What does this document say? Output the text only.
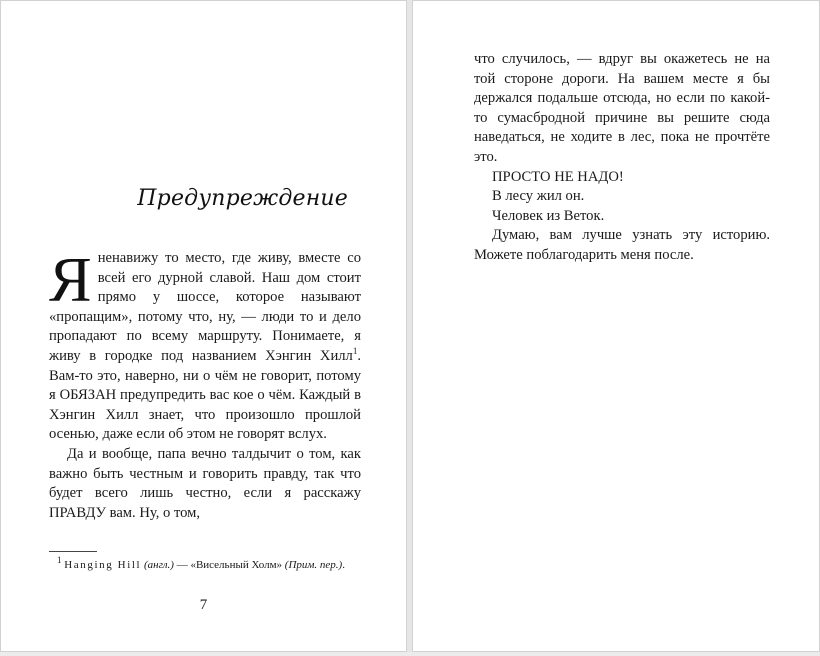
Предупреждение

Я ненавижу то место, где живу, вместе со всей его дурной славой. Наш дом стоит прямо у шоссе, которое называют «пропащим», потому что, ну, — люди то и дело пропадают по всему маршруту. Понимаете, я живу в городке под названием Хэнгин Хилл$^1$. Вам-то это, наверно, ни о чём не говорит, потому я ОБЯЗАН предупредить вас кое о чём. Каждый в Хэнгин Хилл знает, что произошло прошлой осенью, даже если об этом не говорят вслух.

Да и вообще, папа вечно талдычит о том, как важно быть честным и говорить правду, так что будет всего лишь честно, если я расскажу ПРАВДУ вам. Ну, о том,

$^1$ Hanging Hill (англ.) — «Висельный Холм» (Прим. пер.).

7

что случилось, — вдруг вы окажетесь не на той стороне дороги. На вашем месте я бы держался подальше отсюда, но если по какой-то сумасбродной причине вы решите сюда наведаться, не ходите в лес, пока не прочтёте это.

ПРОСТО НЕ НАДО!

В лесу жил он.

Человек из Веток.

Думаю, вам лучше узнать эту историю. Можете поблагодарить меня после.
